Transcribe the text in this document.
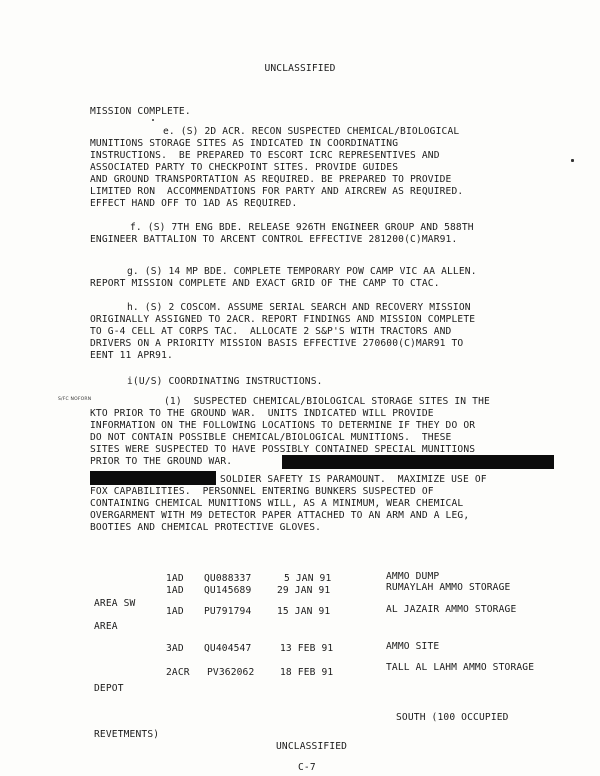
UNCLASSIFIED
MISSION COMPLETE.
e. (S) 2D ACR. RECON SUSPECTED CHEMICAL/BIOLOGICAL
MUNITIONS STORAGE SITES AS INDICATED IN COORDINATING
INSTRUCTIONS.  BE PREPARED TO ESCORT ICRC REPRESENTIVES AND
ASSOCIATED PARTY TO CHECKPOINT SITES. PROVIDE GUIDES
AND GROUND TRANSPORTATION AS REQUIRED. BE PREPARED TO PROVIDE
LIMITED RON  ACCOMMENDATIONS FOR PARTY AND AIRCREW AS REQUIRED.
EFFECT HAND OFF TO 1AD AS REQUIRED.
f. (S) 7TH ENG BDE. RELEASE 926TH ENGINEER GROUP AND 588TH
ENGINEER BATTALION TO ARCENT CONTROL EFFECTIVE 281200(C)MAR91.
g. (S) 14 MP BDE. COMPLETE TEMPORARY POW CAMP VIC AA ALLEN.
REPORT MISSION COMPLETE AND EXACT GRID OF THE CAMP TO CTAC.
h. (S) 2 COSCOM. ASSUME SERIAL SEARCH AND RECOVERY MISSION
ORIGINALLY ASSIGNED TO 2ACR. REPORT FINDINGS AND MISSION COMPLETE
TO G-4 CELL AT CORPS TAC.  ALLOCATE 2 S&P'S WITH TRACTORS AND
DRIVERS ON A PRIORITY MISSION BASIS EFFECTIVE 270600(C)MAR91 TO
EENT 11 APR91.
i(U/S) COORDINATING INSTRUCTIONS.
S/FC NOFORN	(1)  SUSPECTED CHEMICAL/BIOLOGICAL STORAGE SITES IN THE
KTO PRIOR TO THE GROUND WAR.  UNITS INDICATED WILL PROVIDE
INFORMATION ON THE FOLLOWING LOCATIONS TO DETERMINE IF THEY DO OR
DO NOT CONTAIN POSSIBLE CHEMICAL/BIOLOGICAL MUNITIONS.  THESE
SITES WERE SUSPECTED TO HAVE POSSIBLY CONTAINED SPECIAL MUNITIONS
PRIOR TO THE GROUND WAR.
SOLDIER SAFETY IS PARAMOUNT.  MAXIMIZE USE OF
FOX CAPABILITIES.  PERSONNEL ENTERING BUNKERS SUSPECTED OF
CONTAINING CHEMICAL MUNITIONS WILL, AS A MINIMUM, WEAR CHEMICAL
OVERGARMENT WITH M9 DETECTOR PAPER ATTACHED TO AN ARM AND A LEG,
BOOTIES AND CHEMICAL PROTECTIVE GLOVES.
1AD QU088337	5 JAN 91	AMMO DUMP
1AD QU145689	29 JAN 91	RUMAYLAH AMMO STORAGE
AREA SW
1AD PU791794	15 JAN 91	AL JAZAIR AMMO STORAGE
AREA
3AD QU404547	13 FEB 91	AMMO SITE
2ACR PV362062	18 FEB 91	TALL AL LAHM AMMO STORAGE
DEPOT
SOUTH (100 OCCUPIED
REVETMENTS)
UNCLASSIFIED
C-7
